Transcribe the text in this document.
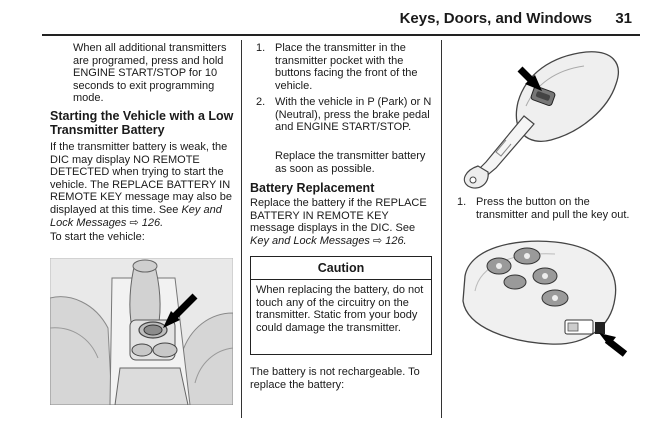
Keys, Doors, and Windows 31

When all additional transmitters are programed, press and hold ENGINE START/STOP for 10 seconds to exit programming mode.

Starting the Vehicle with a Low Transmitter Battery

If the transmitter battery is weak, the DIC may display NO REMOTE DETECTED when trying to start the vehicle. The REPLACE BATTERY IN REMOTE KEY message may also be displayed at this time. See Key and Lock Messages ⇨ 126.

To start the vehicle:

1. Place the transmitter in the transmitter pocket with the buttons facing the front of the vehicle.

2. With the vehicle in P (Park) or N (Neutral), press the brake pedal and ENGINE START/STOP.

Replace the transmitter battery as soon as possible.

Battery Replacement

Replace the battery if the REPLACE BATTERY IN REMOTE KEY message displays in the DIC. See Key and Lock Messages ⇨ 126.

Caution

When replacing the battery, do not touch any of the circuitry on the transmitter. Static from your body could damage the transmitter.

The battery is not rechargeable. To replace the battery:

1. Press the button on the transmitter and pull the key out.
